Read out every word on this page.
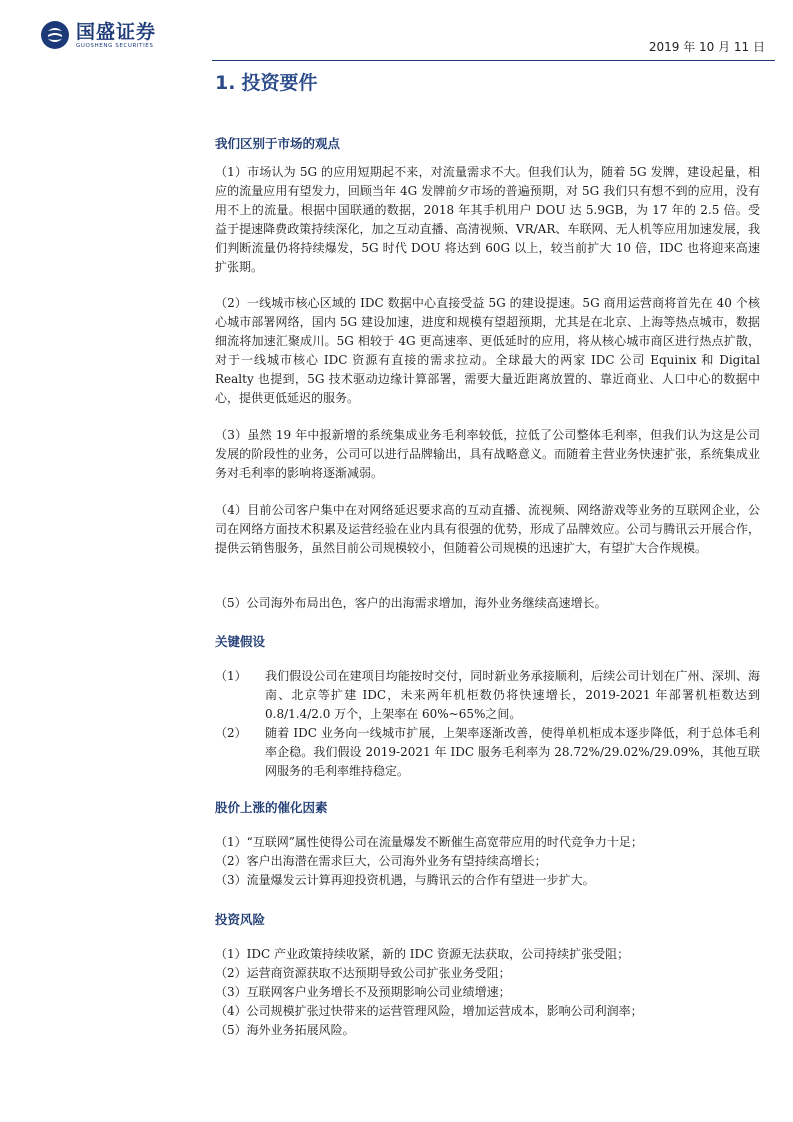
国盛证券
GUOSHENG SECURITIES	2019 年 10 月 11 日
1. 投资要件
我们区别于市场的观点

（1）市场认为 5G 的应用短期起不来，对流量需求不大。但我们认为，随着 5G 发牌，建设起量，相应的流量应用有望发力，回顾当年 4G 发牌前夕市场的普遍预期，对 5G 我们只有想不到的应用，没有用不上的流量。根据中国联通的数据，2018 年其手机用户 DOU 达 5.9GB，为 17 年的 2.5 倍。受益于提速降费政策持续深化，加之互动直播、高清视频、VR/AR、车联网、无人机等应用加速发展，我们判断流量仍将持续爆发，5G 时代 DOU 将达到 60G 以上，较当前扩大 10 倍，IDC 也将迎来高速扩张期。

（2）一线城市核心区域的 IDC 数据中心直接受益 5G 的建设提速。5G 商用运营商将首先在 40 个核心城市部署网络，国内 5G 建设加速，进度和规模有望超预期，尤其是在北京、上海等热点城市，数据细流将加速汇聚成川。5G 相较于 4G 更高速率、更低延时的应用，将从核心城市商区进行热点扩散，对于一线城市核心 IDC 资源有直接的需求拉动。全球最大的两家 IDC 公司 Equinix 和 Digital Realty 也提到，5G 技术驱动边缘计算部署，需要大量近距离放置的、靠近商业、人口中心的数据中心，提供更低延迟的服务。

（3）虽然 19 年中报新增的系统集成业务毛利率较低，拉低了公司整体毛利率，但我们认为这是公司发展的阶段性的业务，公司可以进行品牌输出，具有战略意义。而随着主营业务快速扩张，系统集成业务对毛利率的影响将逐渐减弱。

（4）目前公司客户集中在对网络延迟要求高的互动直播、流视频、网络游戏等业务的互联网企业，公司在网络方面技术积累及运营经验在业内具有很强的优势，形成了品牌效应。公司与腾讯云开展合作，提供云销售服务，虽然目前公司规模较小，但随着公司规模的迅速扩大，有望扩大合作规模。

（5）公司海外布局出色，客户的出海需求增加，海外业务继续高速增长。

关键假设
（1）	我们假设公司在建项目均能按时交付，同时新业务承接顺利，后续公司计划在广州、深圳、海南、北京等扩建 IDC，未来两年机柜数仍将快速增长，2019-2021 年部署机柜数达到 0.8/1.4/2.0 万个，上架率在 60%~65%之间。
（2）	随着 IDC 业务向一线城市扩展，上架率逐渐改善，使得单机柜成本逐步降低，利于总体毛利率企稳。我们假设 2019-2021 年 IDC 服务毛利率为 28.72%/29.02%/29.09%，其他互联网服务的毛利率维持稳定。
股价上涨的催化因素
（1）“互联网”属性使得公司在流量爆发不断催生高宽带应用的时代竞争力十足；
（2）客户出海潜在需求巨大，公司海外业务有望持续高增长；
（3）流量爆发云计算再迎投资机遇，与腾讯云的合作有望进一步扩大。
投资风险
（1）IDC 产业政策持续收紧，新的 IDC 资源无法获取，公司持续扩张受阻；
（2）运营商资源获取不达预期导致公司扩张业务受阻；
（3）互联网客户业务增长不及预期影响公司业绩增速；
（4）公司规模扩张过快带来的运营管理风险，增加运营成本，影响公司利润率；
（5）海外业务拓展风险。
